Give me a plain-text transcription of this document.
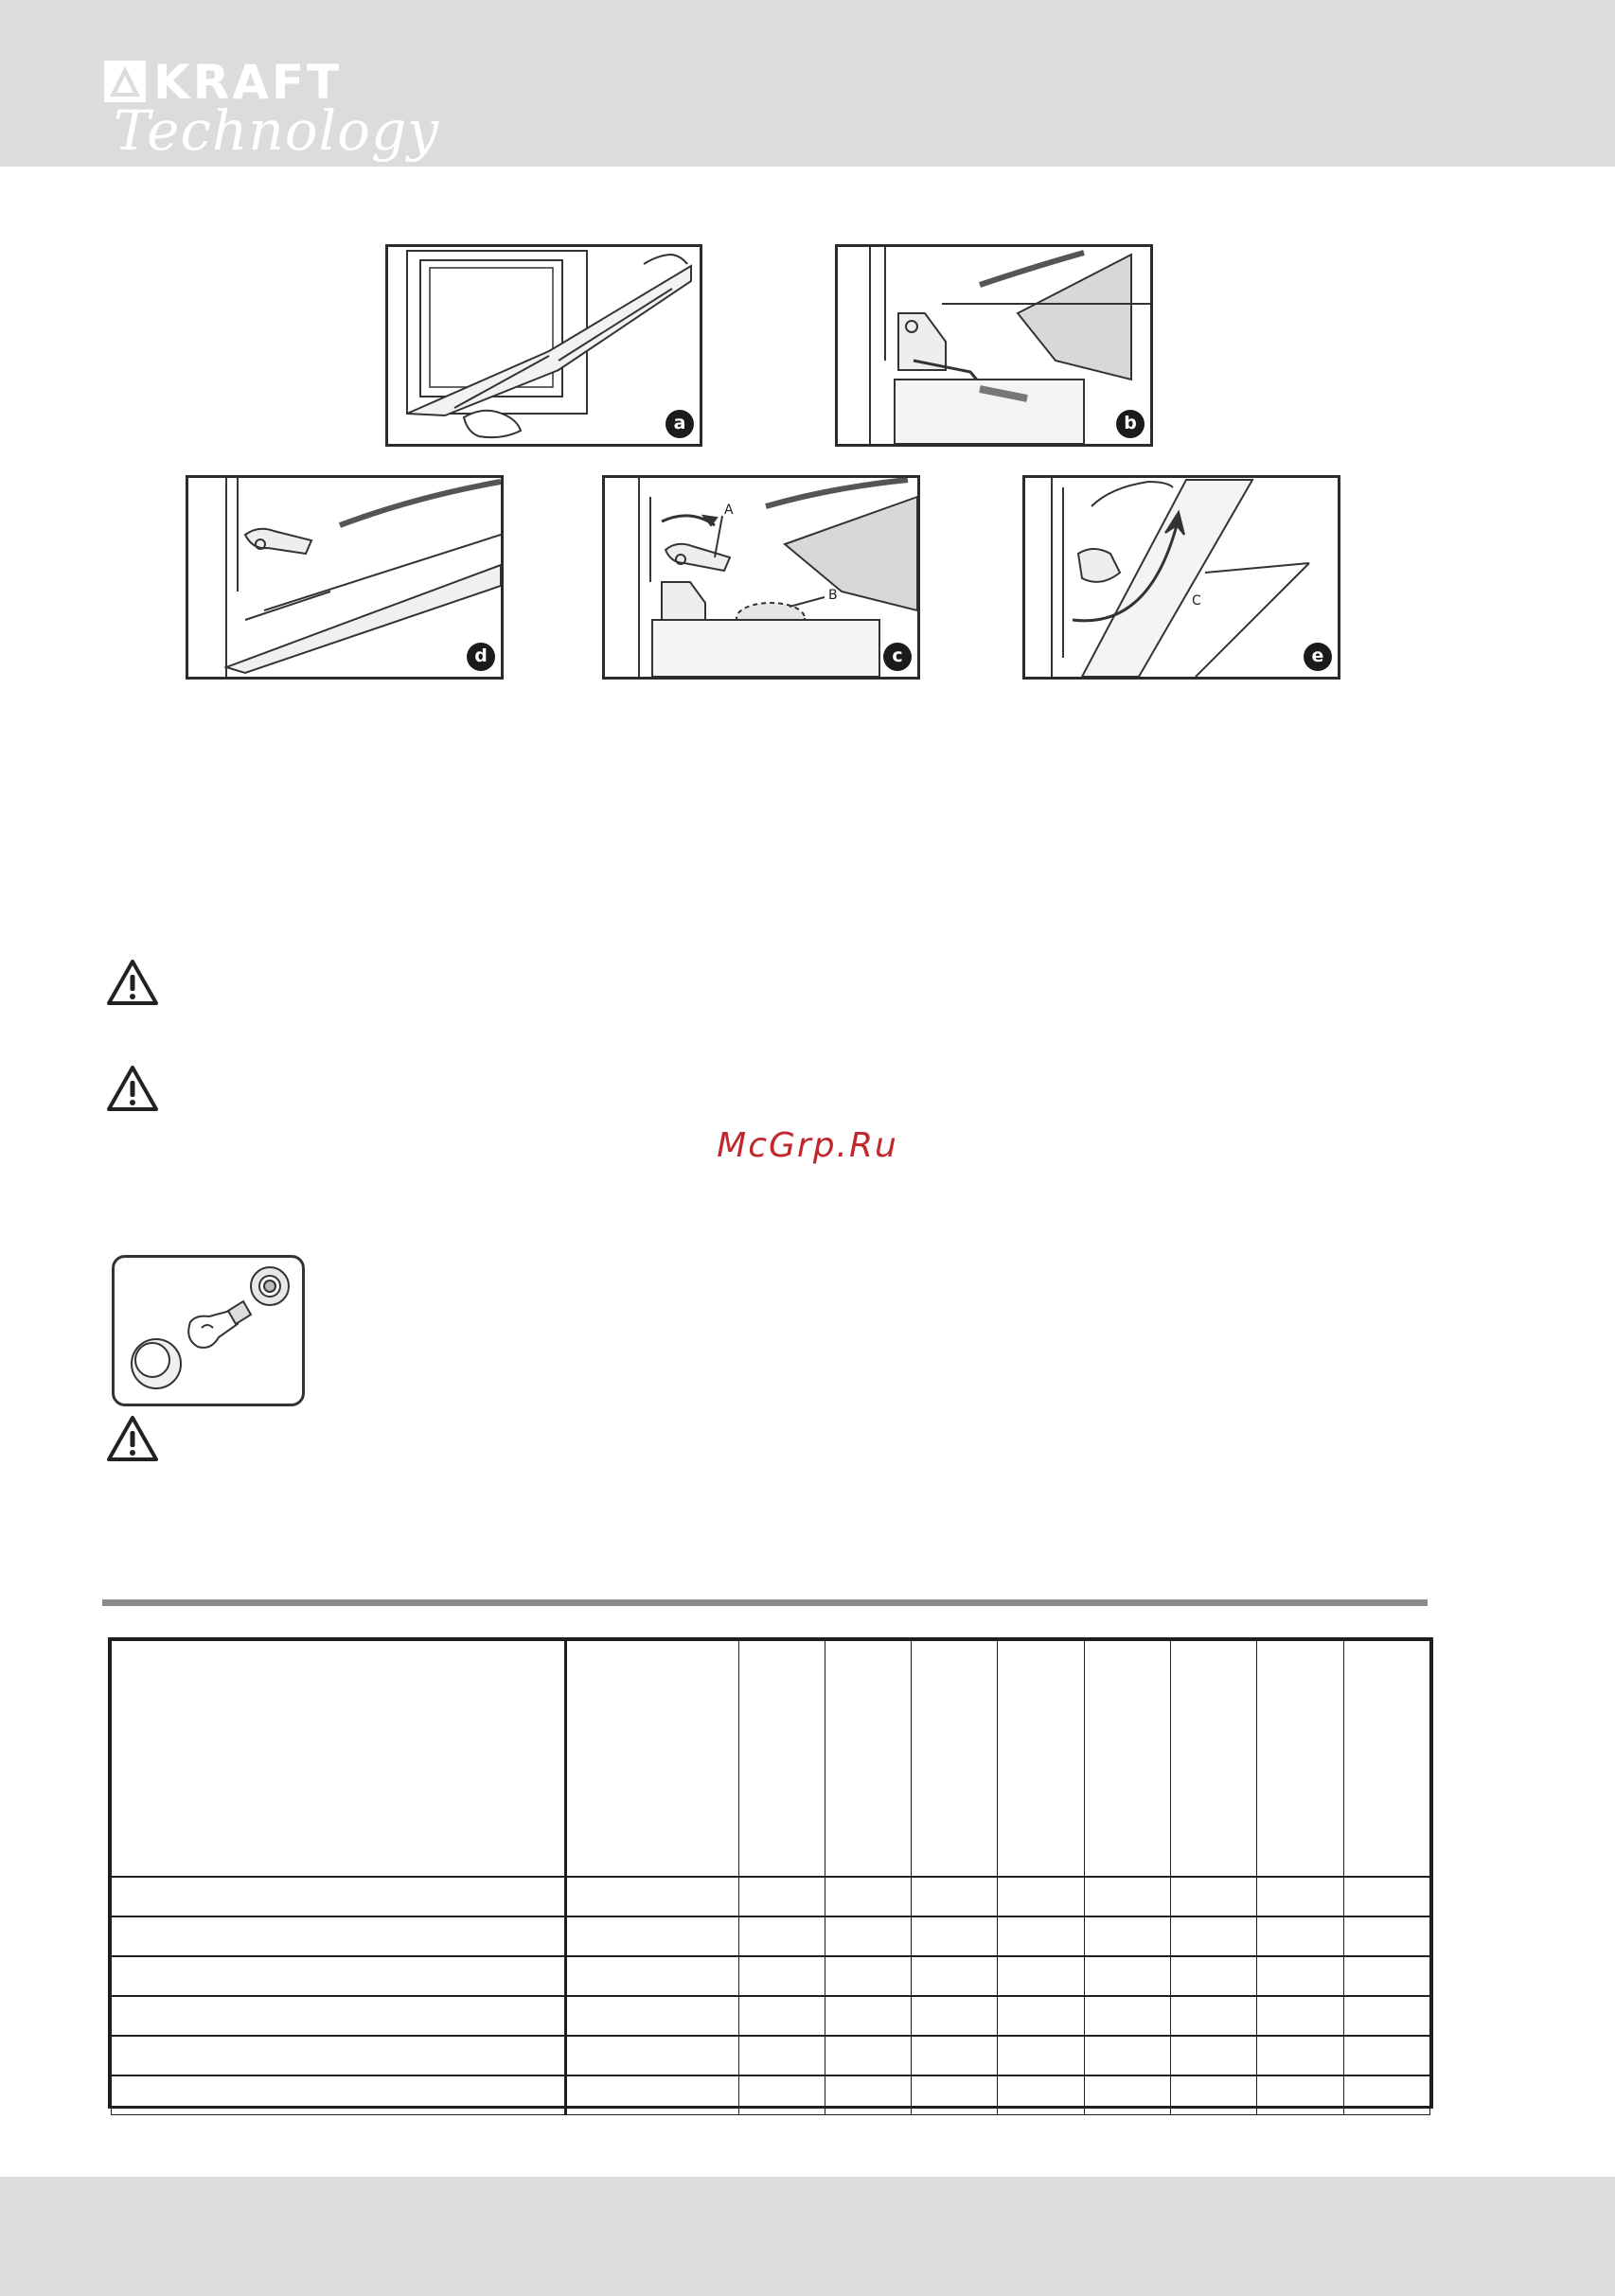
KRAFT
Technology
a	b
d
A
B
c
C
e
McGrp.Ru
